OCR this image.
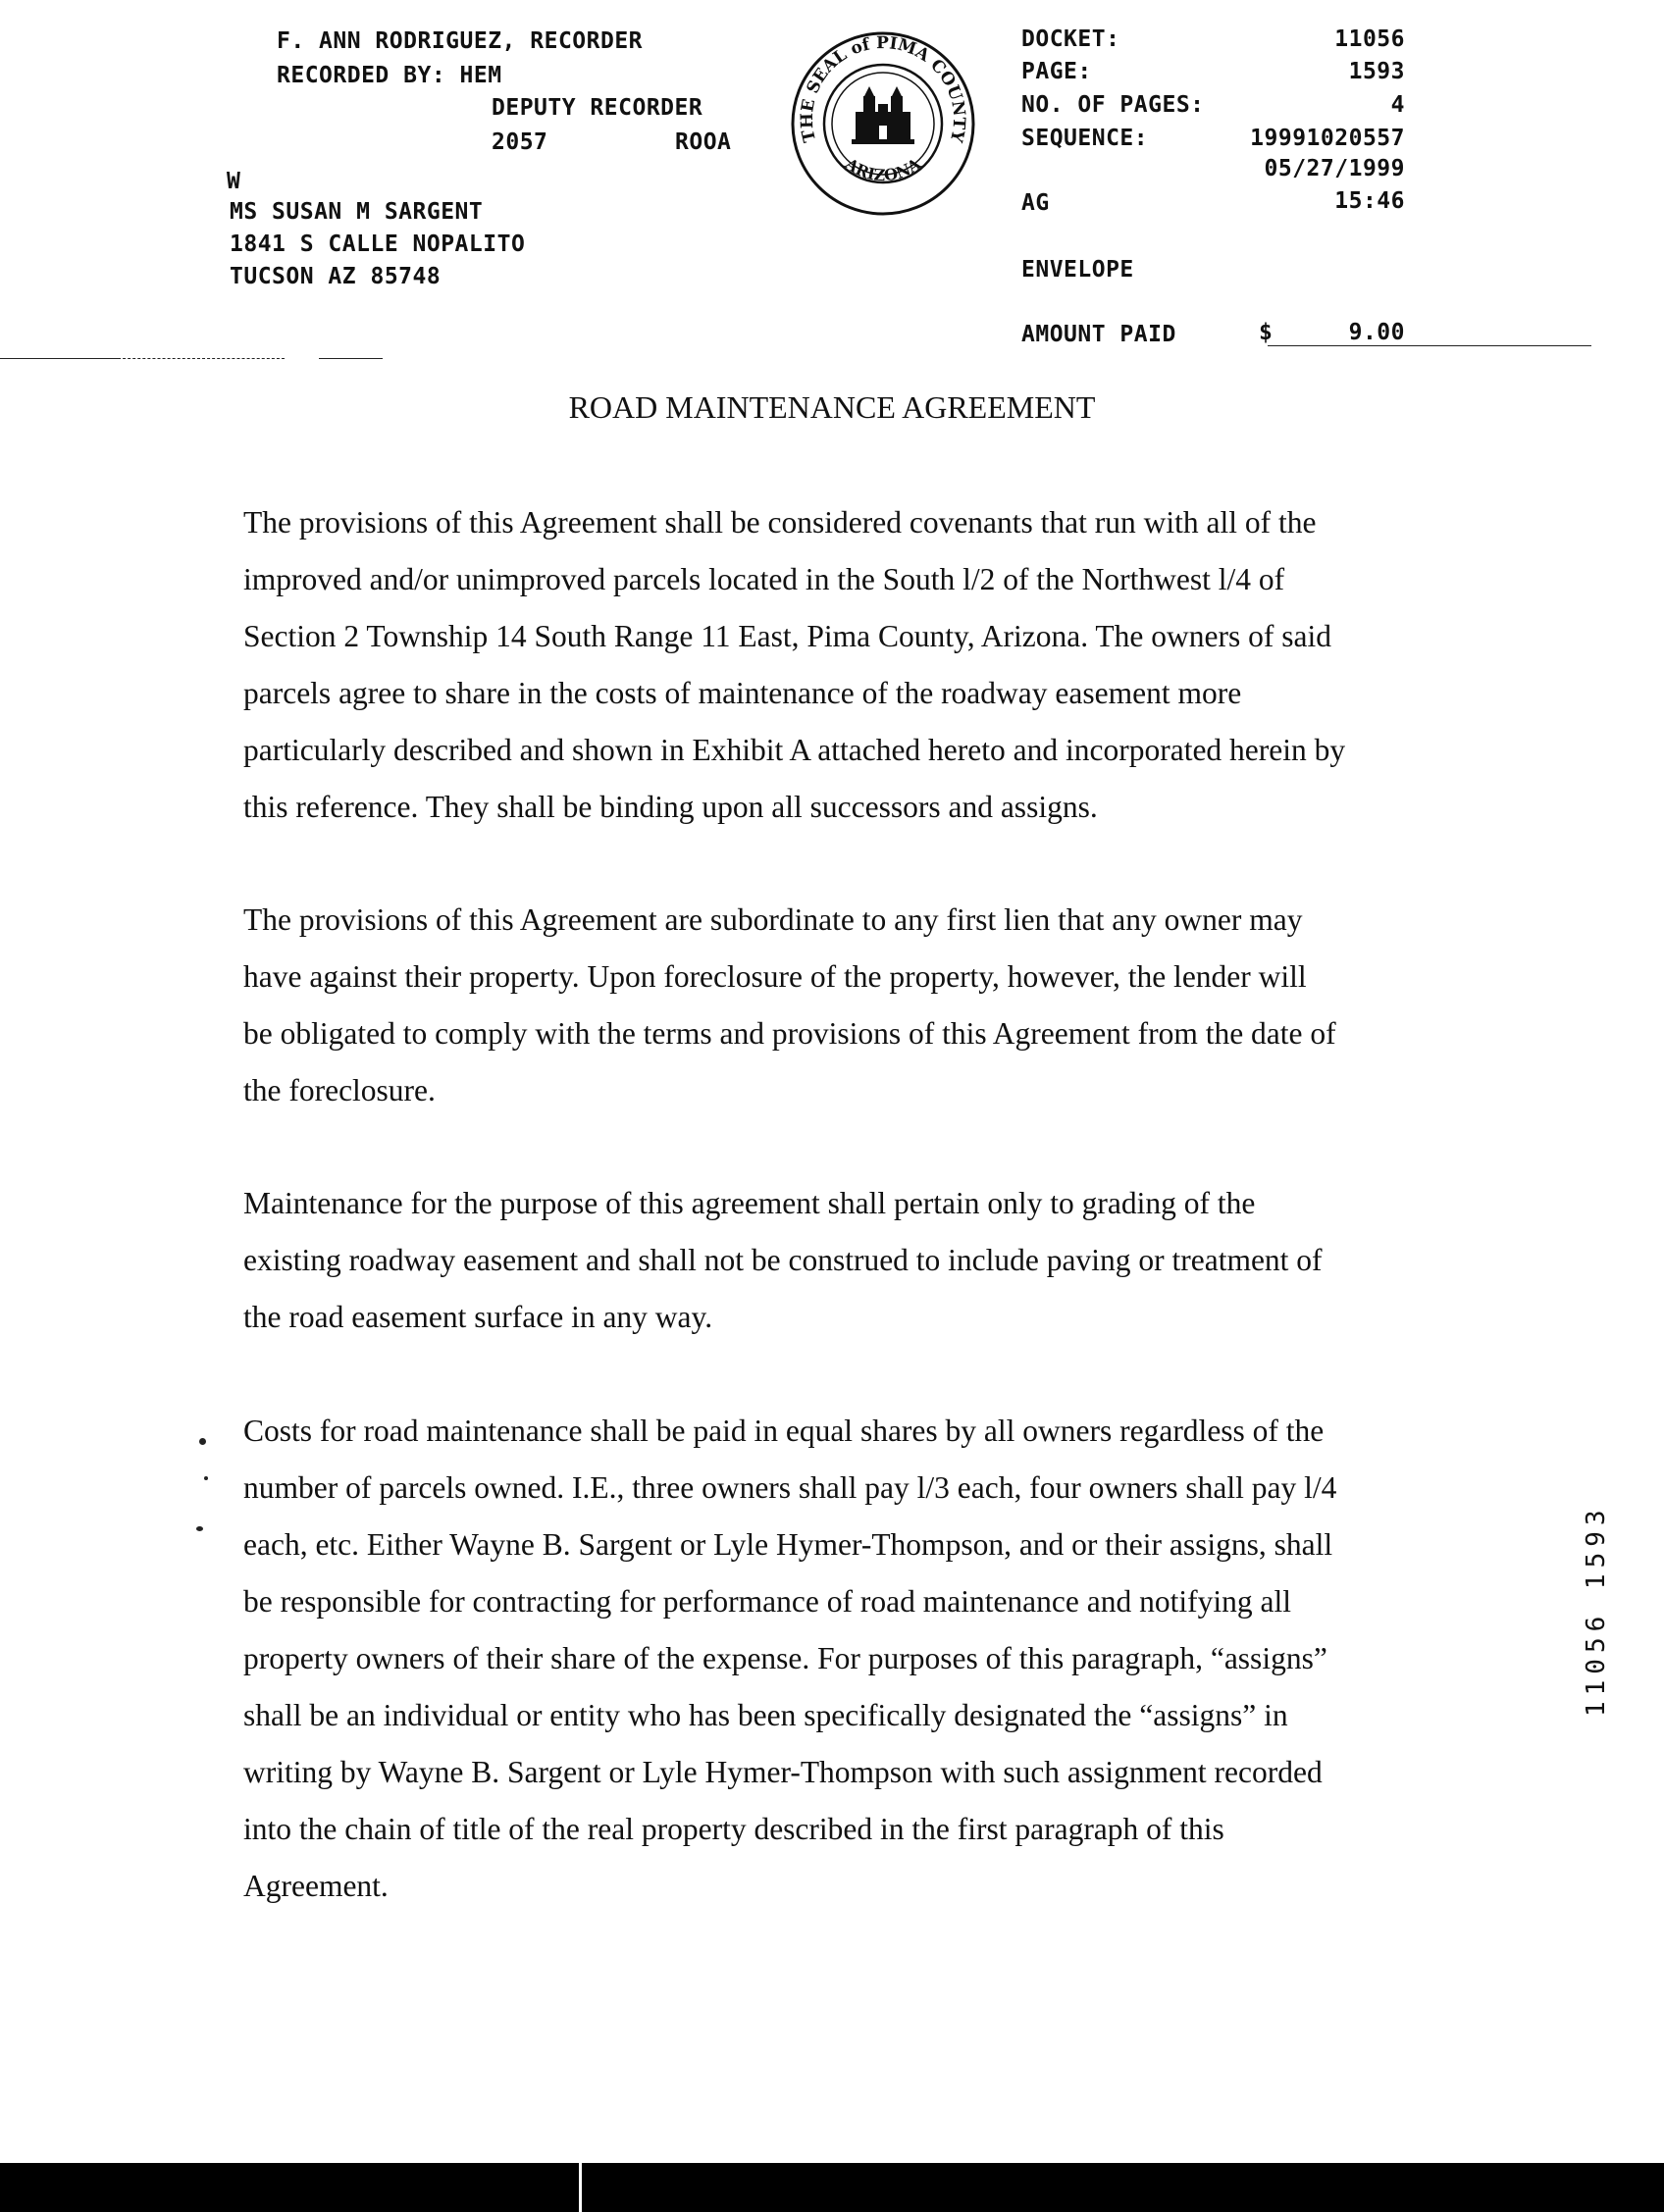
F. ANN RODRIGUEZ, RECORDER
RECORDED BY: HEM
DEPUTY RECORDER
2057	ROOA
W
MS SUSAN M SARGENT
1841 S CALLE NOPALITO
TUCSON AZ 85748
THE SEAL of PIMA COUNTY
ARIZONA
DOCKET:	11056
PAGE:	1593
NO. OF PAGES:	4
SEQUENCE:	19991020557
05/27/1999
AG	15:46
ENVELOPE
AMOUNT PAID	$	9.00
ROAD MAINTENANCE AGREEMENT
The provisions of this Agreement shall be considered covenants that run with all of the
improved and/or unimproved parcels located in the South l/2 of the Northwest l/4 of
Section 2 Township 14 South Range 11 East, Pima County, Arizona. The owners of said
parcels agree to share in the costs of maintenance of the roadway easement more
particularly described and shown in Exhibit A attached hereto and incorporated herein by
this reference. They shall be binding upon all successors and assigns.
The provisions of this Agreement are subordinate to any first lien that any owner may
have against their property. Upon foreclosure of the property, however, the lender will
be obligated to comply with the terms and provisions of this Agreement from the date of
the foreclosure.
Maintenance for the purpose of this agreement shall pertain only to grading of the
existing roadway easement and shall not be construed to include paving or treatment of
the road easement surface in any way.
Costs for road maintenance shall be paid in equal shares by all owners regardless of the
number of parcels owned. I.E., three owners shall pay l/3 each, four owners shall pay l/4
each, etc. Either Wayne B. Sargent or Lyle Hymer-Thompson, and or their assigns, shall
be responsible for contracting for performance of road maintenance and notifying all
property owners of their share of the expense. For purposes of this paragraph, “assigns”
shall be an individual or entity who has been specifically designated the “assigns” in
writing by Wayne B. Sargent or Lyle Hymer-Thompson with such assignment recorded
into the chain of title of the real property described in the first paragraph of this
Agreement.
11056 1593
